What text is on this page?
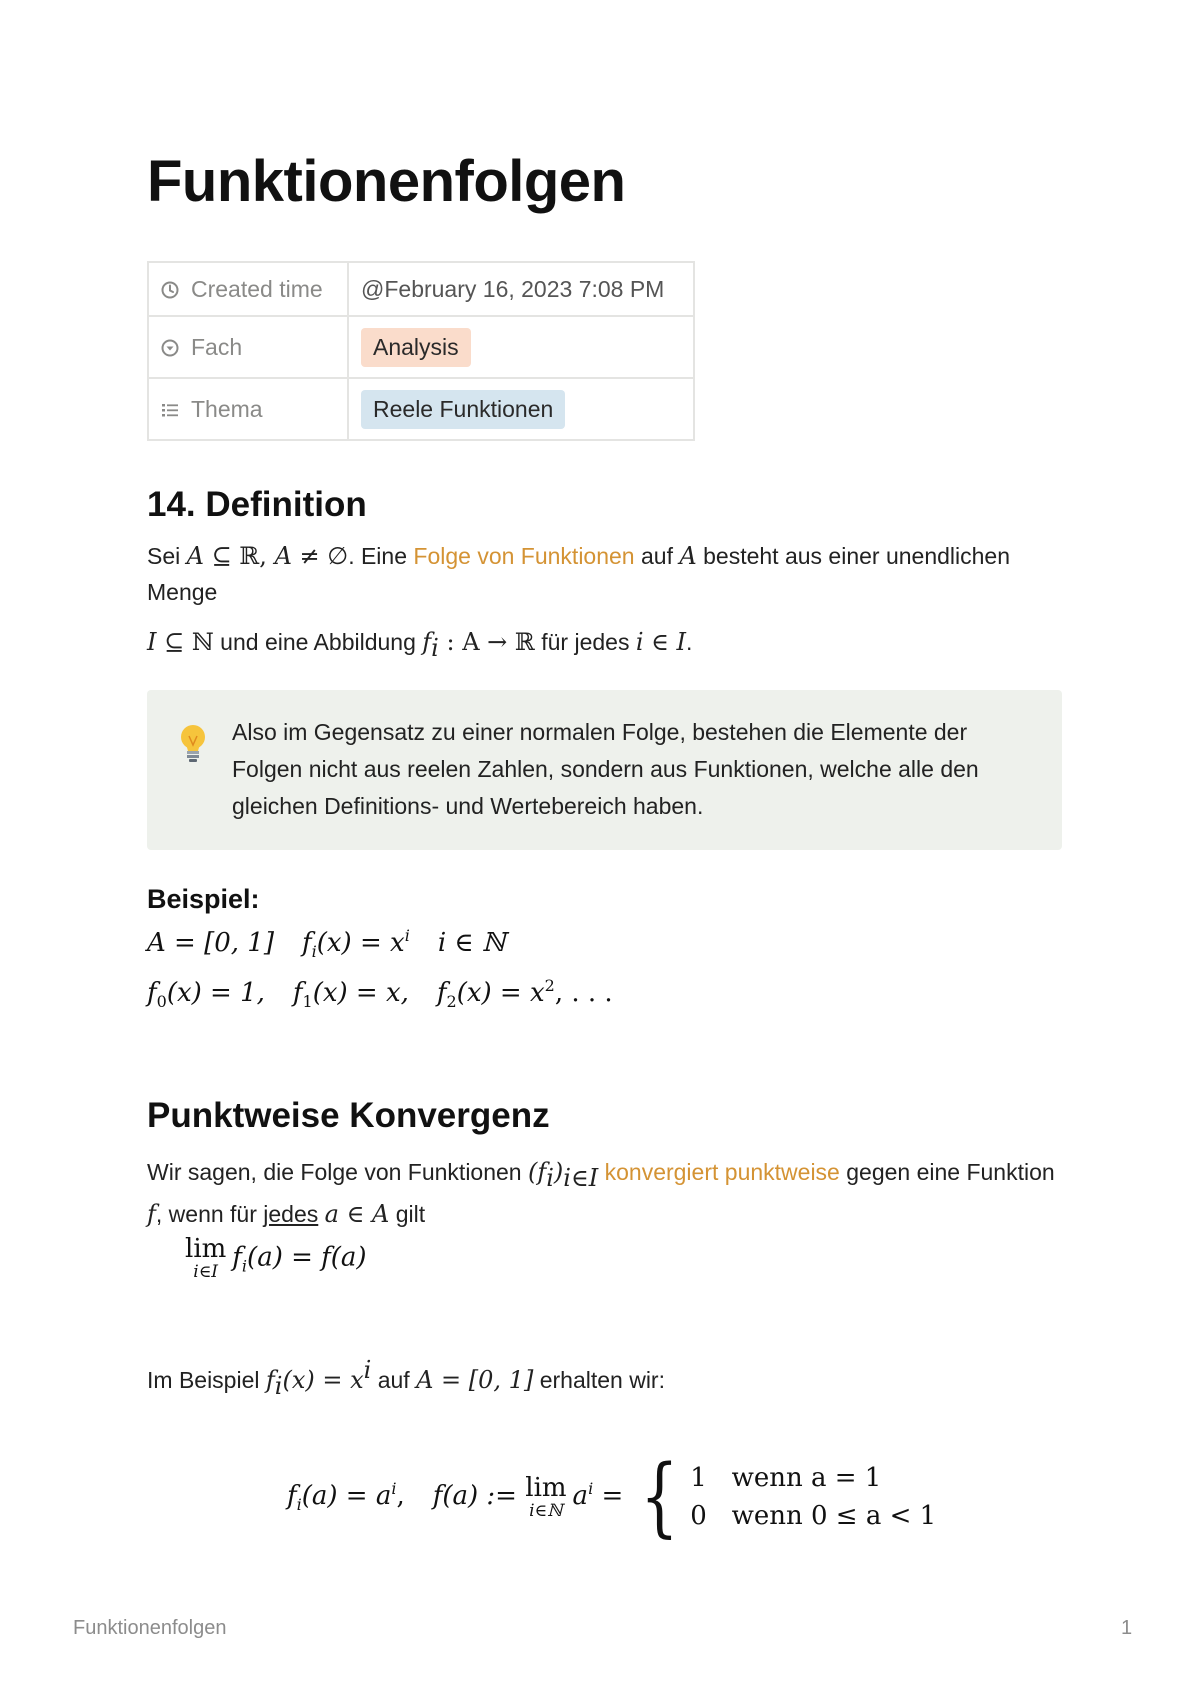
Funktionenfolgen
Created time	@February 16, 2023 7:08 PM
Fach	Analysis
Thema	Reele Funktionen
14. Definition
Sei A ⊆ ℝ, A ≠ ∅. Eine Folge von Funktionen auf A besteht aus einer unendlichen Menge
I ⊆ ℕ und eine Abbildung $f_i$ : A → ℝ für jedes i ∈ I.
Also im Gegensatz zu einer normalen Folge, bestehen die Elemente der Folgen nicht aus reelen Zahlen, sondern aus Funktionen, welche alle den gleichen Definitions- und Wertebereich haben.
Beispiel:
A = [0, 1] $f_i(x) = x^i$ i ∈ ℕ
$f_0(x) = 1$, $f_1(x) = x$, $f_2(x) = x^2$, . . .
Punktweise Konvergenz
Wir sagen, die Folge von Funktionen $(f_i)_{i\in I}$ konvergiert punktweise gegen eine Funktion f, wenn für jedes a ∈ A gilt
lim
i∈I $f_i(a) = f(a)$
Im Beispiel $f_i(x) = x^i$ auf A = [0, 1] erhalten wir:
$f_i(a) = a^i$, f(a) := lim
i∈ℕ $a^i$ = { 1   wenn a = 1
0   wenn 0 ≤ a < 1
Funktionenfolgen	1
